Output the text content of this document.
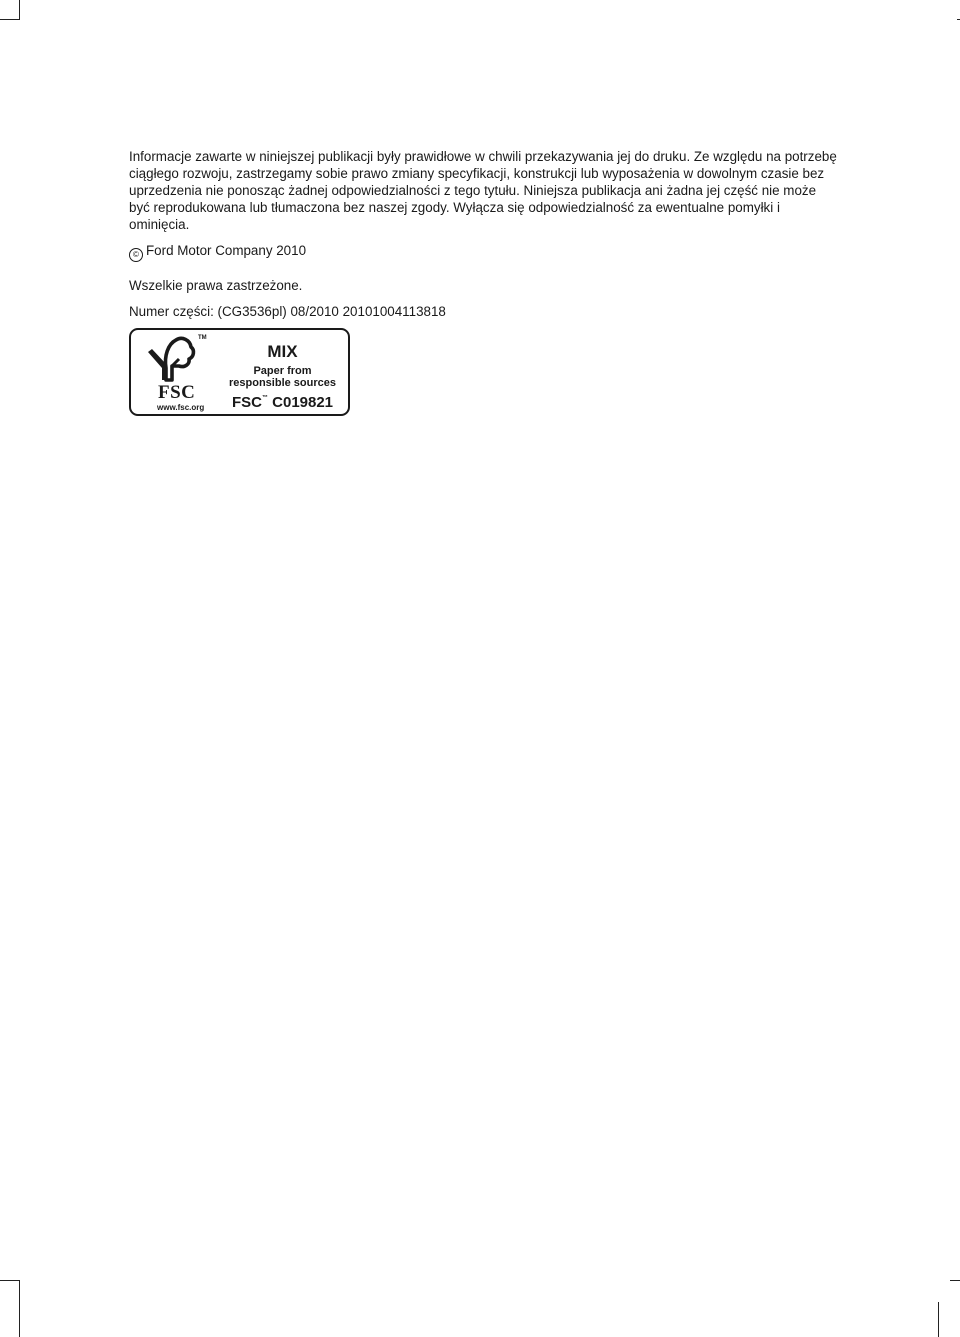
Informacje zawarte w niniejszej publikacji były prawidłowe w chwili przekazywania jej do druku. Ze względu na potrzebę ciągłego rozwoju, zastrzegamy sobie prawo zmiany specyfikacji, konstrukcji lub wyposażenia w dowolnym czasie bez uprzedzenia nie ponosząc żadnej odpowiedzialności z tego tytułu. Niniejsza publikacja ani żadna jej część nie może być reprodukowana lub tłumaczona bez naszej zgody. Wyłącza się odpowiedzialność za ewentualne pomyłki i ominięcia.

© Ford Motor Company 2010

Wszelkie prawa zastrzeżone.

Numer części: (CG3536pl) 08/2010 20101004113818

TM
FSC
www.fsc.org
MIX
Paper from
responsible sources
FSC™ C019821
